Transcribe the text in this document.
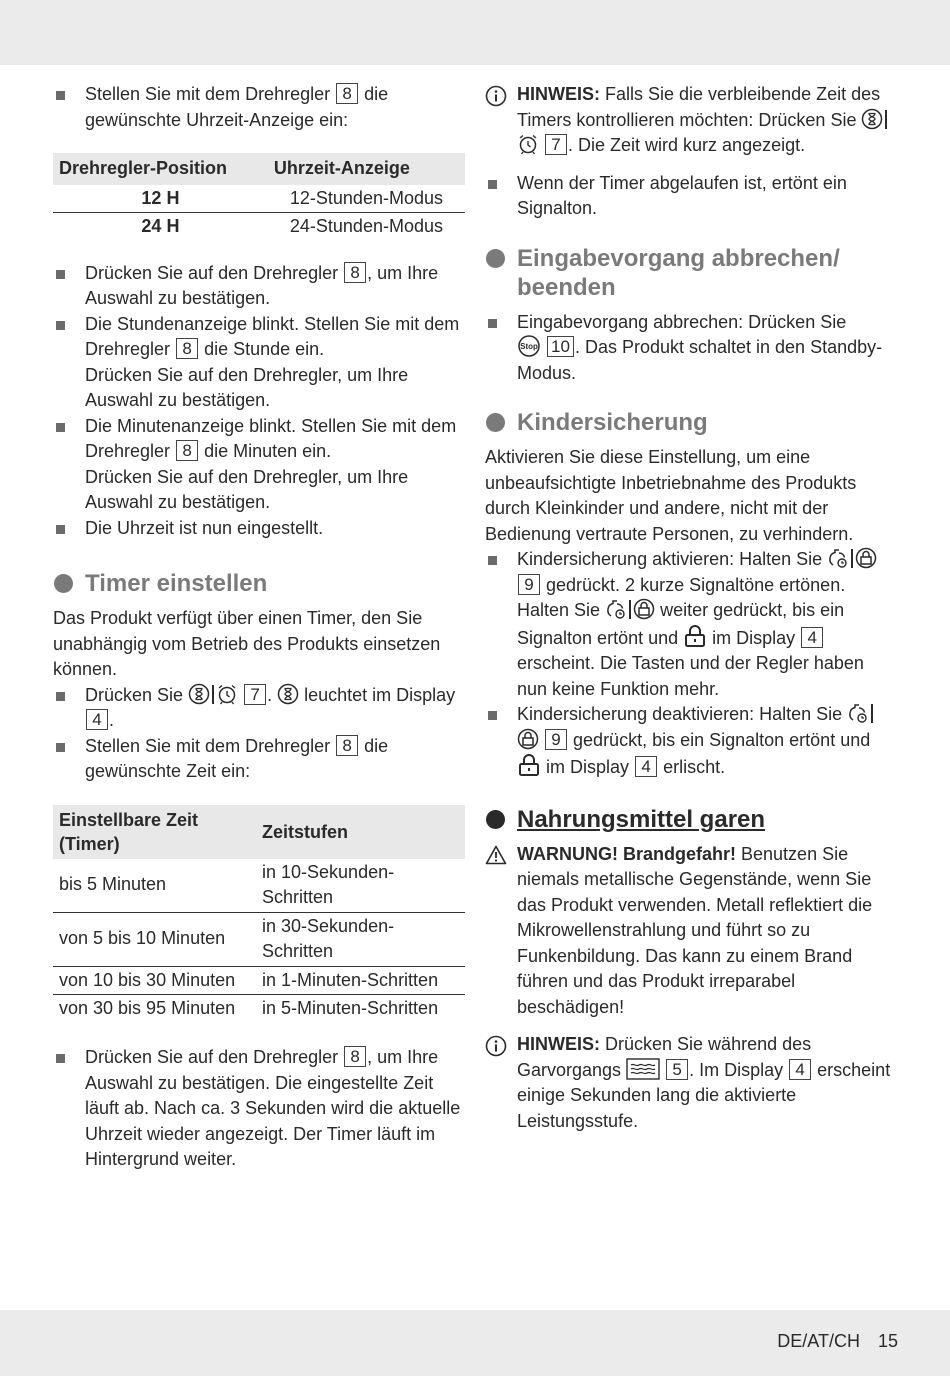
Stellen Sie mit dem Drehregler 8 die gewünschte Uhrzeit-Anzeige ein:
Drehregler-Position	Uhrzeit-Anzeige
12 H	12-Stunden-Modus
24 H	24-Stunden-Modus
Drücken Sie auf den Drehregler 8 , um Ihre Auswahl zu bestätigen.
Die Stundenanzeige blinkt. Stellen Sie mit dem Drehregler 8 die Stunde ein.
Drücken Sie auf den Drehregler, um Ihre Auswahl zu bestätigen.
Die Minutenanzeige blinkt. Stellen Sie mit dem Drehregler 8 die Minuten ein.
Drücken Sie auf den Drehregler, um Ihre Auswahl zu bestätigen.
Die Uhrzeit ist nun eingestellt.
Timer einstellen
Das Produkt verfügt über einen Timer, den Sie unabhängig vom Betrieb des Produkts einsetzen können.
Drücken Sie	7 .  leuchtet im Display 4 .
Stellen Sie mit dem Drehregler 8 die gewünschte Zeit ein:
Einstellbare Zeit (Timer)	Zeitstufen
bis 5 Minuten	in 10-Sekunden-Schritten
von 5 bis 10 Minuten	in 30-Sekunden-Schritten
von 10 bis 30 Minuten	in 1-Minuten-Schritten
von 30 bis 95 Minuten	in 5-Minuten-Schritten
Drücken Sie auf den Drehregler 8 , um Ihre Auswahl zu bestätigen. Die eingestellte Zeit läuft ab. Nach ca. 3 Sekunden wird die aktuelle Uhrzeit wieder angezeigt. Der Timer läuft im Hintergrund weiter.
HINWEIS: Falls Sie die verbleibende Zeit des Timers kontrollieren möchten: Drücken Sie  7 . Die Zeit wird kurz angezeigt.
Wenn der Timer abgelaufen ist, ertönt ein Signalton.
Eingabevorgang abbrechen/ beenden
Eingabevorgang abbrechen: Drücken Sie

Stop 10 . Das Produkt schaltet in den Standby-Modus.
Kindersicherung
Aktivieren Sie diese Einstellung, um eine unbeaufsichtigte Inbetriebnahme des Produkts durch Kleinkinder und andere, nicht mit der Bedienung vertraute Personen, zu verhindern.
Kindersicherung aktivieren: Halten Sie  9 gedrückt. 2 kurze Signaltöne ertönen. Halten Sie	weiter gedrückt, bis ein Signalton ertönt und im Display 4 erscheint. Die Tasten und der Regler haben nun keine Funktion mehr.
Kindersicherung deaktivieren: Halten Sie  9 gedrückt, bis ein Signalton ertönt und  im Display 4 erlischt.
Nahrungsmittel garen
WARNUNG! Brandgefahr! Benutzen Sie niemals metallische Gegenstände, wenn Sie das Produkt verwenden. Metall reflektiert die Mikrowellenstrahlung und führt so zu Funkenbildung. Das kann zu einem Brand führen und das Produkt irreparabel beschädigen!
HINWEIS: Drücken Sie während des Garvorgangs	5 . Im Display 4 erscheint einige Sekunden lang die aktivierte Leistungsstufe.
DE/AT/CH 15
